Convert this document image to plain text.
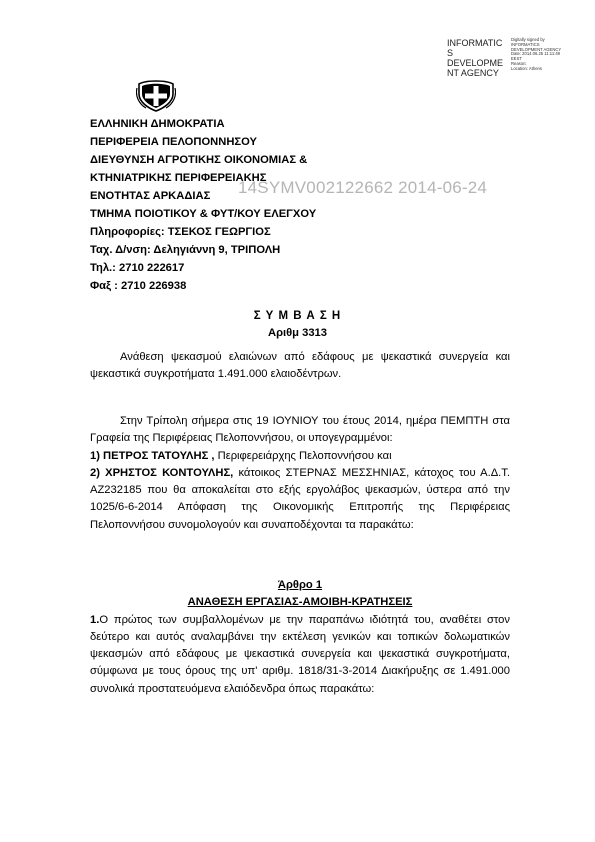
INFORMATIC S DEVELOPME NT AGENCY
Digitally signed by
INFORMATICS
DEVELOPMENT AGENCY
Date: 2014.06.25 11:11:49
EEST
Reason:
Location: Athens
14SYMV002122662 2014-06-24
ΕΛΛΗΝΙΚΗ ΔΗΜΟΚΡΑΤΙΑ
ΠΕΡΙΦΕΡΕΙΑ ΠΕΛΟΠΟΝΝΗΣΟΥ
ΔΙΕΥΘΥΝΣΗ ΑΓΡΟΤΙΚΗΣ ΟΙΚΟΝΟΜΙΑΣ &
ΚΤΗΝΙΑΤΡΙΚΗΣ ΠΕΡΙΦΕΡΕΙΑΚΗΣ
ΕΝΟΤΗΤΑΣ ΑΡΚΑΔΙΑΣ
ΤΜΗΜΑ ΠΟΙΟΤΙΚΟΥ & ΦΥΤ/ΚΟΥ ΕΛΕΓΧΟΥ
Πληροφορίες: ΤΣΕΚΟΣ ΓΕΩΡΓΙΟΣ
Ταχ. Δ/νση: Δεληγιάννη 9, ΤΡΙΠΟΛΗ
Τηλ.: 2710 222617
Φαξ : 2710 226938
Σ Υ Μ Β Α Σ Η
Αριθμ 3313

Ανάθεση ψεκασμού ελαιώνων από εδάφους με ψεκαστικά συνεργεία και ψεκαστικά συγκροτήματα 1.491.000 ελαιοδέντρων.

Στην Τρίπολη σήμερα στις 19 ΙΟΥΝΙΟΥ του έτους 2014, ημέρα ΠΕΜΠΤΗ στα Γραφεία της Περιφέρειας Πελοποννήσου, οι υπογεγραμμένοι:

1) ΠΕΤΡΟΣ ΤΑΤΟΥΛΗΣ , Περιφερειάρχης Πελοποννήσου και

2) ΧΡΗΣΤΟΣ ΚΟΝΤΟΥΛΗΣ, κάτοικος ΣΤΕΡΝΑΣ ΜΕΣΣΗΝΙΑΣ, κάτοχος του Α.Δ.Τ. ΑΖ232185 που θα αποκαλείται στο εξής εργολάβος ψεκασμών, ύστερα από την 1025/6-6-2014 Απόφαση της Οικονομικής Επιτροπής της Περιφέρειας Πελοποννήσου συνομολογούν και συναποδέχονται τα παρακάτω:

Άρθρο 1

ΑΝΑΘΕΣΗ ΕΡΓΑΣΙΑΣ-ΑΜΟΙΒΗ-ΚΡΑΤΗΣΕΙΣ

1.Ο πρώτος των συμβαλλομένων με την παραπάνω ιδιότητά του, αναθέτει στον δεύτερο και αυτός αναλαμβάνει την εκτέλεση γενικών και τοπικών δολωματικών ψεκασμών από εδάφους με ψεκαστικά συνεργεία και ψεκαστικά συγκροτήματα, σύμφωνα με τους όρους της υπ' αριθμ. 1818/31-3-2014 Διακήρυξης σε 1.491.000 συνολικά προστατευόμενα ελαιόδενδρα όπως παρακάτω:
